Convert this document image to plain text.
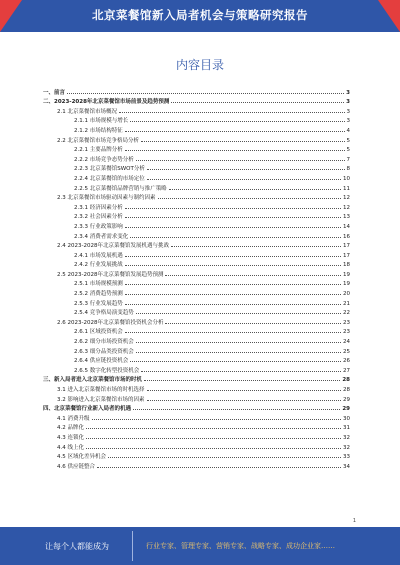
北京菜餐馆新入局者机会与策略研究报告
内容目录
一、前言	3
二、2023-2028年北京菜餐馆市场前景及趋势预测	3
2.1 北京菜餐馆市场概况	3
2.1.1 市场规模与增长	3
2.1.2 市场结构特征	4
2.2 北京菜餐馆市场竞争格局分析	5
2.2.1 主要品牌分析	5
2.2.2 市场竞争态势分析	7
2.2.3 北京菜餐馆SWOT分析	8
2.2.4 北京菜餐馆的市场定位	10
2.2.5 北京菜餐馆品牌营销与推广策略	11
2.3 北京菜餐馆市场驱动因素与制约因素	12
2.3.1 经济因素分析	12
2.3.2 社会因素分析	13
2.3.3 行业政策影响	14
2.3.4 消费者需求变化	16
2.4 2023-2028年北京菜餐馆发展机遇与挑战	17
2.4.1 市场发展机遇	17
2.4.2 行业发展挑战	18
2.5 2023-2028年北京菜餐馆发展趋势预测	19
2.5.1 市场规模预测	19
2.5.2 消费趋势预测	20
2.5.3 行业发展趋势	21
2.5.4 竞争格局演变趋势	22
2.6 2023-2028年北京菜餐馆投资机会分析	23
2.6.1 区域投资机会	23
2.6.2 细分市场投资机会	24
2.6.3 细分品类投资机会	25
2.6.4 供应链投资机会	26
2.6.5 数字化转型投资机会	27
三、新入局者进入北京菜餐馆市场的时机	28
3.1 进入北京菜餐馆市场的时机选择	28
3.2 影响进入北京菜餐馆市场的因素	29
四、北京菜餐馆行业新入局者的机遇	29
4.1 消费升级	30
4.2 品牌化	31
4.3 连锁化	32
4.4 线上化	32
4.5 区域化差异机会	33
4.6 供应链整合	34
1
让每个人都能成为	行业专家、管理专家、营销专家、战略专家、成功企业家……
